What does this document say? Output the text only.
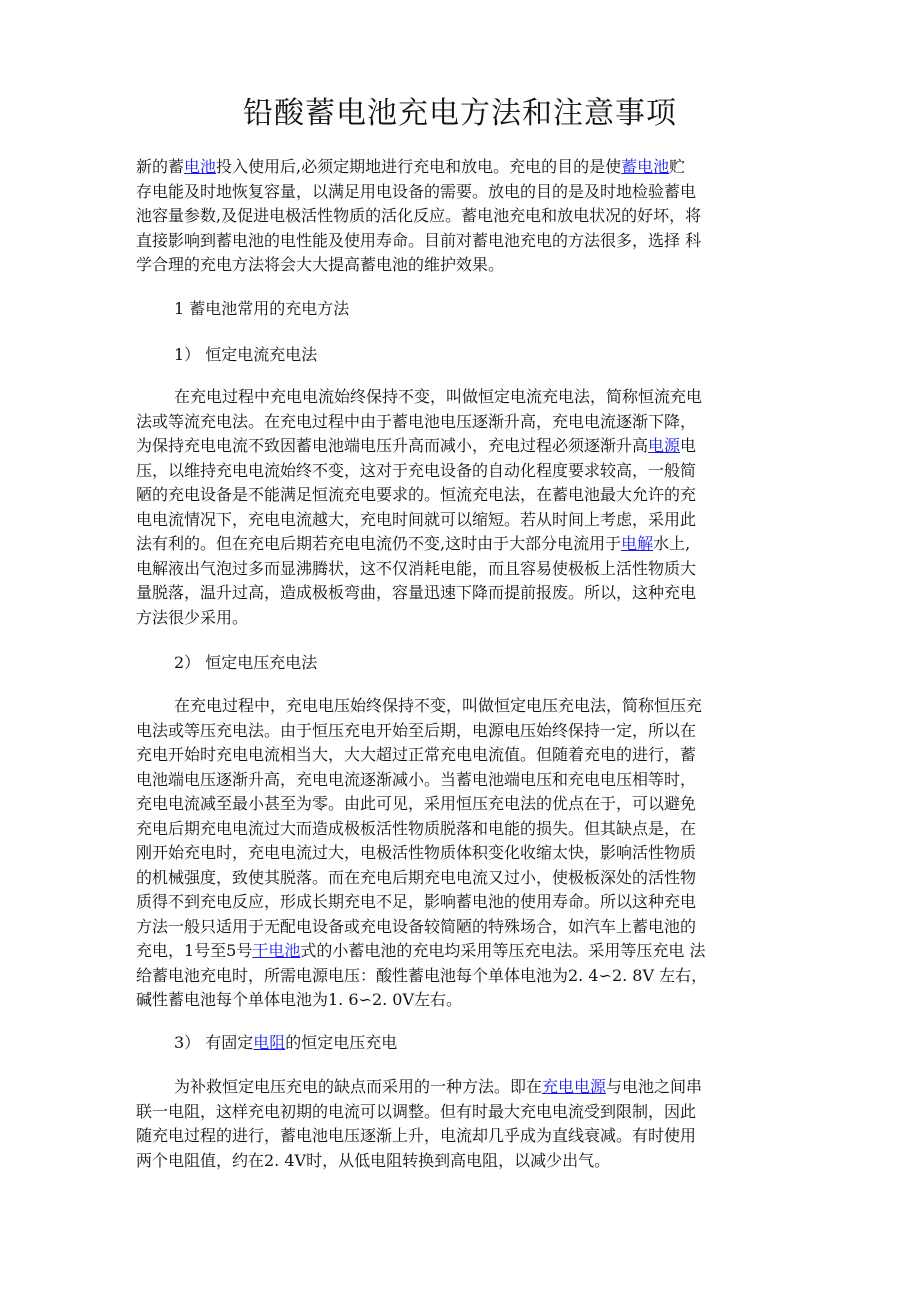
铅酸蓄电池充电方法和注意事项
新的蓄电池投入使用后,必须定期地进行充电和放电。充电的目的是使蓄电池贮
存电能及时地恢复容量，以满足用电设备的需要。放电的目的是及时地检验蓄电
池容量参数,及促进电极活性物质的活化反应。蓄电池充电和放电状况的好坏，将
直接影响到蓄电池的电性能及使用寿命。目前对蓄电池充电的方法很多，选择 科
学合理的充电方法将会大大提高蓄电池的维护效果。
1 蓄电池常用的充电方法
1） 恒定电流充电法
在充电过程中充电电流始终保持不变，叫做恒定电流充电法，简称恒流充电
法或等流充电法。在充电过程中由于蓄电池电压逐渐升高，充电电流逐渐下降，
为保持充电电流不致因蓄电池端电压升高而减小，充电过程必须逐渐升高电源电
压，以维持充电电流始终不变，这对于充电设备的自动化程度要求较高，一般简
陋的充电设备是不能满足恒流充电要求的。恒流充电法，在蓄电池最大允许的充
电电流情况下，充电电流越大，充电时间就可以缩短。若从时间上考虑，采用此
法有利的。但在充电后期若充电电流仍不变,这时由于大部分电流用于电解水上,
电解液出气泡过多而显沸腾状，这不仅消耗电能，而且容易使极板上活性物质大
量脱落，温升过高，造成极板弯曲，容量迅速下降而提前报废。所以，这种充电
方法很少采用。
2） 恒定电压充电法
在充电过程中，充电电压始终保持不变，叫做恒定电压充电法，简称恒压充
电法或等压充电法。由于恒压充电开始至后期，电源电压始终保持一定，所以在
充电开始时充电电流相当大，大大超过正常充电电流值。但随着充电的进行，蓄
电池端电压逐渐升高，充电电流逐渐减小。当蓄电池端电压和充电电压相等时，
充电电流减至最小甚至为零。由此可见，采用恒压充电法的优点在于，可以避免
充电后期充电电流过大而造成极板活性物质脱落和电能的损失。但其缺点是，在
刚开始充电时，充电电流过大，电极活性物质体积变化收缩太快，影响活性物质
的机械强度，致使其脱落。而在充电后期充电电流又过小，使极板深处的活性物
质得不到充电反应，形成长期充电不足，影响蓄电池的使用寿命。所以这种充电
方法一般只适用于无配电设备或充电设备较简陋的特殊场合，如汽车上蓄电池的
充电，1号至5号干电池式的小蓄电池的充电均采用等压充电法。采用等压充电 法
给蓄电池充电时，所需电源电压：酸性蓄电池每个单体电池为2. 4∽2. 8V 左右，
碱性蓄电池每个单体电池为1. 6∽2. 0V左右。
3） 有固定电阻的恒定电压充电
为补救恒定电压充电的缺点而采用的一种方法。即在充电电源与电池之间串
联一电阻，这样充电初期的电流可以调整。但有时最大充电电流受到限制，因此
随充电过程的进行，蓄电池电压逐渐上升，电流却几乎成为直线衰减。有时使用
两个电阻值，约在2. 4V时，从低电阻转换到高电阻，以减少出气。
